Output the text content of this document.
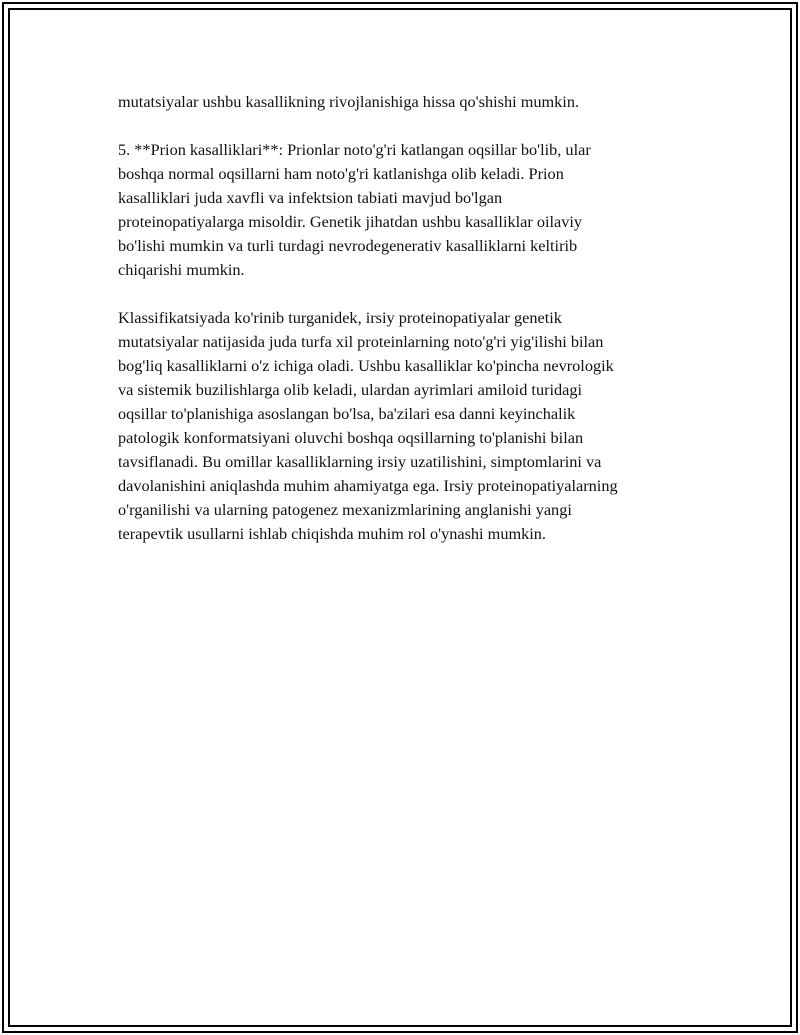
mutatsiyalar ushbu kasallikning rivojlanishiga hissa qo'shishi mumkin.

5. **Prion kasalliklari**: Prionlar noto'g'ri katlangan oqsillar bo'lib, ular
boshqa normal oqsillarni ham noto'g'ri katlanishga olib keladi. Prion
kasalliklari juda xavfli va infektsion tabiati mavjud bo'lgan
proteinopatiyalarga misoldir. Genetik jihatdan ushbu kasalliklar oilaviy
bo'lishi mumkin va turli turdagi nevrodegenerativ kasalliklarni keltirib
chiqarishi mumkin.

Klassifikatsiyada ko'rinib turganidek, irsiy proteinopatiyalar genetik
mutatsiyalar natijasida juda turfa xil proteinlarning noto'g'ri yig'ilishi bilan
bog'liq kasalliklarni o'z ichiga oladi. Ushbu kasalliklar ko'pincha nevrologik
va sistemik buzilishlarga olib keladi, ulardan ayrimlari amiloid turidagi
oqsillar to'planishiga asoslangan bo'lsa, ba'zilari esa danni keyinchalik
patologik konformatsiyani oluvchi boshqa oqsillarning to'planishi bilan
tavsiflanadi. Bu omillar kasalliklarning irsiy uzatilishini, simptomlarini va
davolanishini aniqlashda muhim ahamiyatga ega. Irsiy proteinopatiyalarning
o'rganilishi va ularning patogenez mexanizmlarining anglanishi yangi
terapevtik usullarni ishlab chiqishda muhim rol o'ynashi mumkin.
